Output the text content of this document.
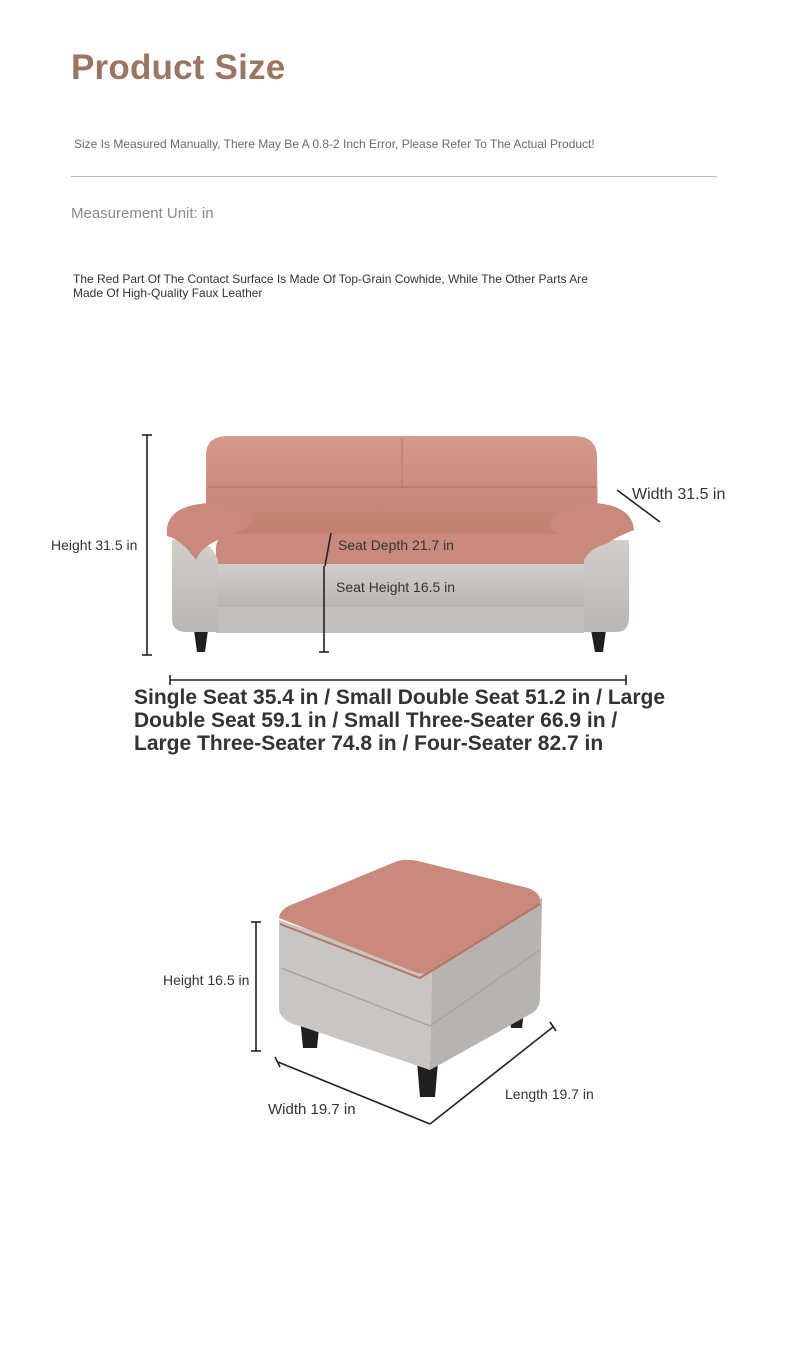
Product Size
Size Is Measured Manually, There May Be A 0.8-2 Inch Error, Please Refer To The Actual Product!
Measurement Unit: in
The Red Part Of The Contact Surface Is Made Of Top-Grain Cowhide, While The Other Parts Are Made Of High-Quality Faux Leather
Height 31.5 in
Width 31.5 in
Seat Depth 21.7 in
Seat Height 16.5 in
Single Seat 35.4 in / Small Double Seat 51.2 in / Large Double Seat 59.1 in / Small Three-Seater 66.9 in / Large Three-Seater 74.8 in / Four-Seater 82.7 in
Height 16.5 in
Width 19.7 in
Length 19.7 in
